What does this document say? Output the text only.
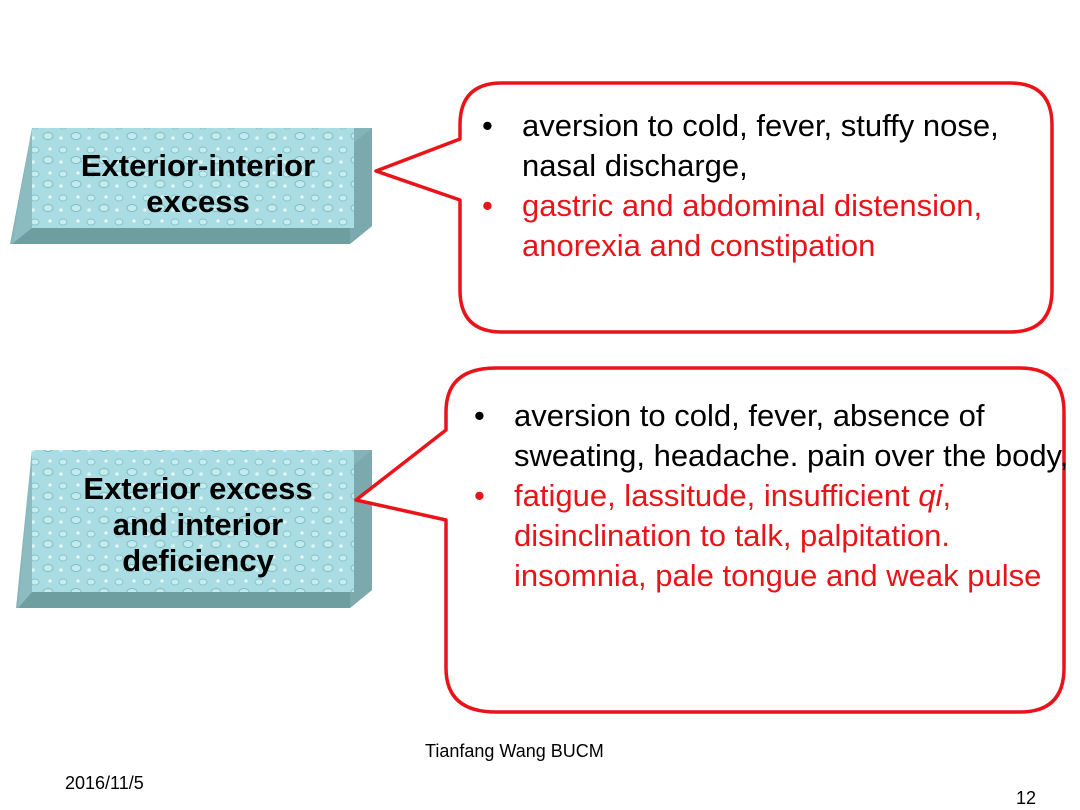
Exterior-interior
excess
Exterior excess
and interior
deficiency
• aversion to cold, fever, stuffy nose, nasal discharge,
• gastric and abdominal distension, anorexia and constipation
• aversion to cold, fever, absence of sweating, headache. pain over the body,
• fatigue, lassitude, insufficient qi, disinclination to talk, palpitation. insomnia, pale tongue and weak pulse
2016/11/5
Tianfang Wang BUCM
12
